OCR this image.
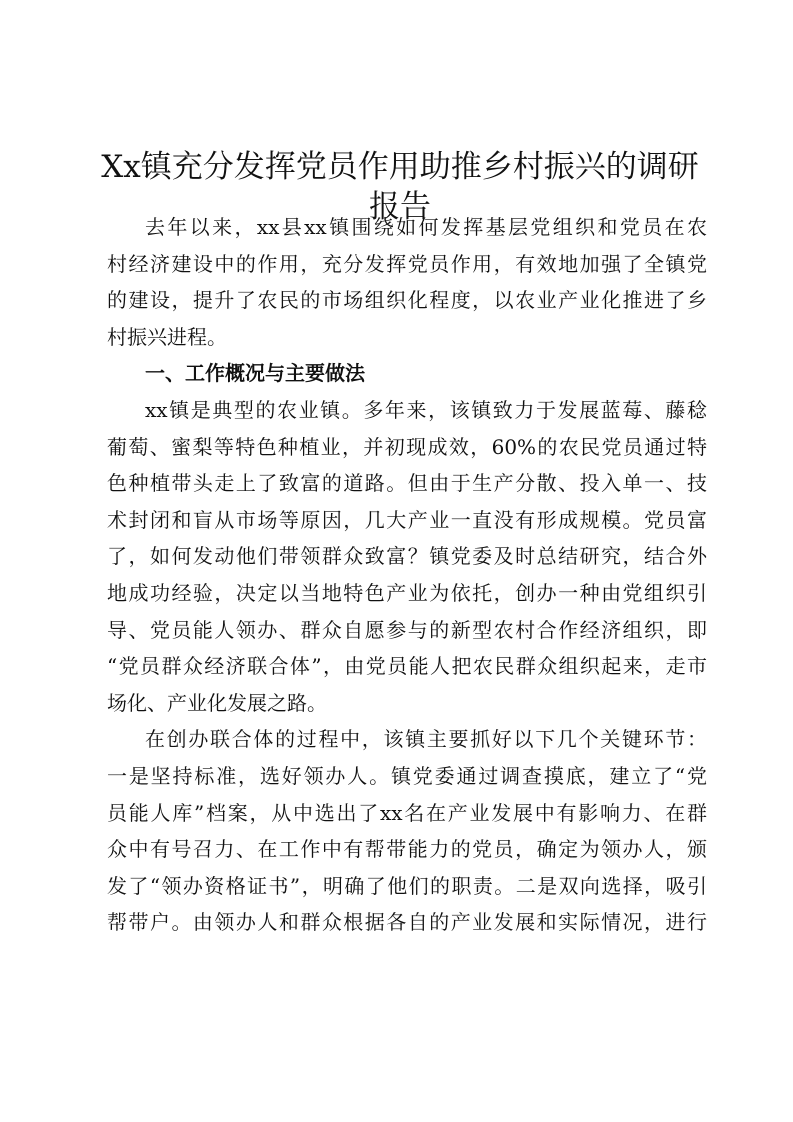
Xx镇充分发挥党员作用助推乡村振兴的调研
报告
去年以来，xx县xx镇围绕如何发挥基层党组织和党员在农
村经济建设中的作用，充分发挥党员作用，有效地加强了全镇党
的建设，提升了农民的市场组织化程度，以农业产业化推进了乡
村振兴进程。
一、工作概况与主要做法
xx镇是典型的农业镇。多年来，该镇致力于发展蓝莓、藤稔
葡萄、蜜梨等特色种植业，并初现成效，60%的农民党员通过特
色种植带头走上了致富的道路。但由于生产分散、投入单一、技
术封闭和盲从市场等原因，几大产业一直没有形成规模。党员富
了，如何发动他们带领群众致富？镇党委及时总结研究，结合外
地成功经验，决定以当地特色产业为依托，创办一种由党组织引
导、党员能人领办、群众自愿参与的新型农村合作经济组织，即
“党员群众经济联合体”，由党员能人把农民群众组织起来，走市
场化、产业化发展之路。
在创办联合体的过程中，该镇主要抓好以下几个关键环节：
一是坚持标准，选好领办人。镇党委通过调查摸底，建立了“党
员能人库”档案，从中选出了xx名在产业发展中有影响力、在群
众中有号召力、在工作中有帮带能力的党员，确定为领办人，颁
发了“领办资格证书”，明确了他们的职责。二是双向选择，吸引
帮带户。由领办人和群众根据各自的产业发展和实际情况，进行
